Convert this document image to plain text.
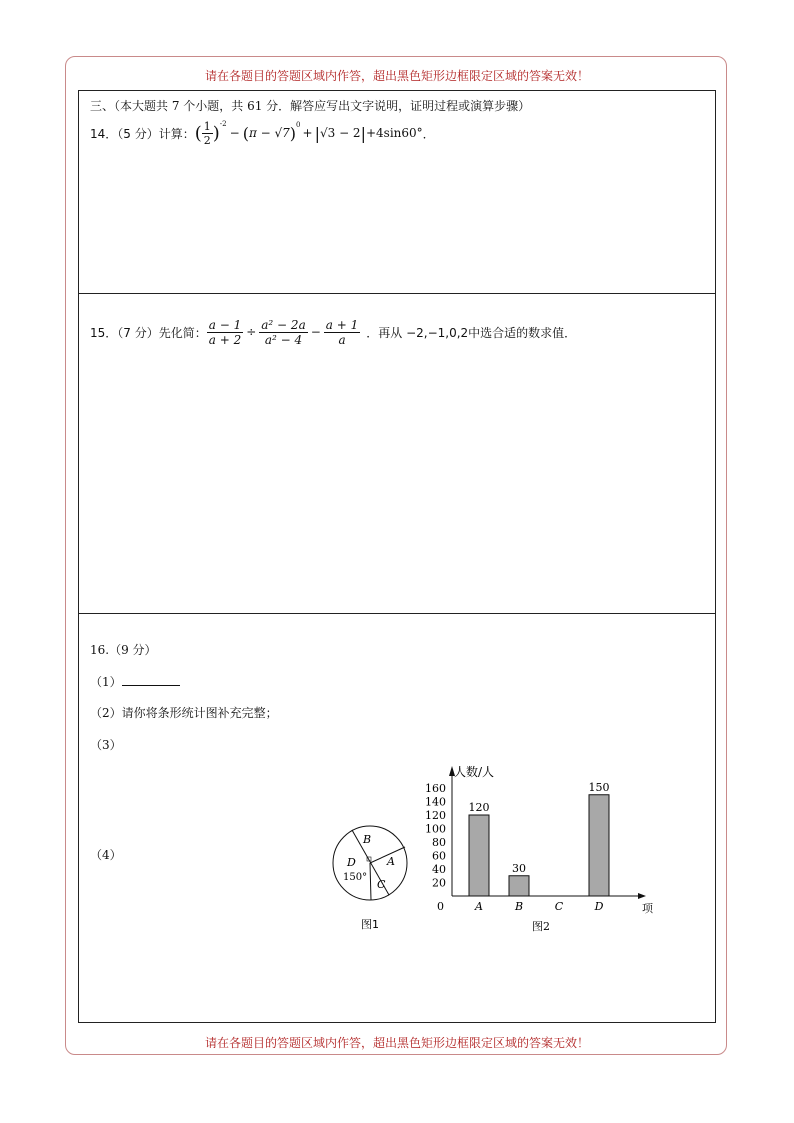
请在各题目的答题区域内作答，超出黑色矩形边框限定区域的答案无效！
请在各题目的答题区域内作答，超出黑色矩形边框限定区域的答案无效！
三、（本大题共 7 个小题，共 61 分．解答应写出文字说明，证明过程或演算步骤）
14．（5 分）计算： ( $\frac{1}{2} )^{-2}$
− ( π − √7 )$^0$
+ | √3 − 2 | +4sin60° ．
15．（7 分）先化简： $\frac{a - 1}{a + 2} \div \frac{\text{a² − 2a}}{\text{a² − 4}} - \frac{a + 1}{a}$ ．再从 −2,−1,0,2中选合适的数求值．
16.（9 分）
（1）
（2）请你将条形统计图补充完整；
（3）
（4）
B
A
C
D
150°
图1
人数/人
项
0
20
40
60
80
100
120
140
160
图2
120
A
30
B	C
150
D
